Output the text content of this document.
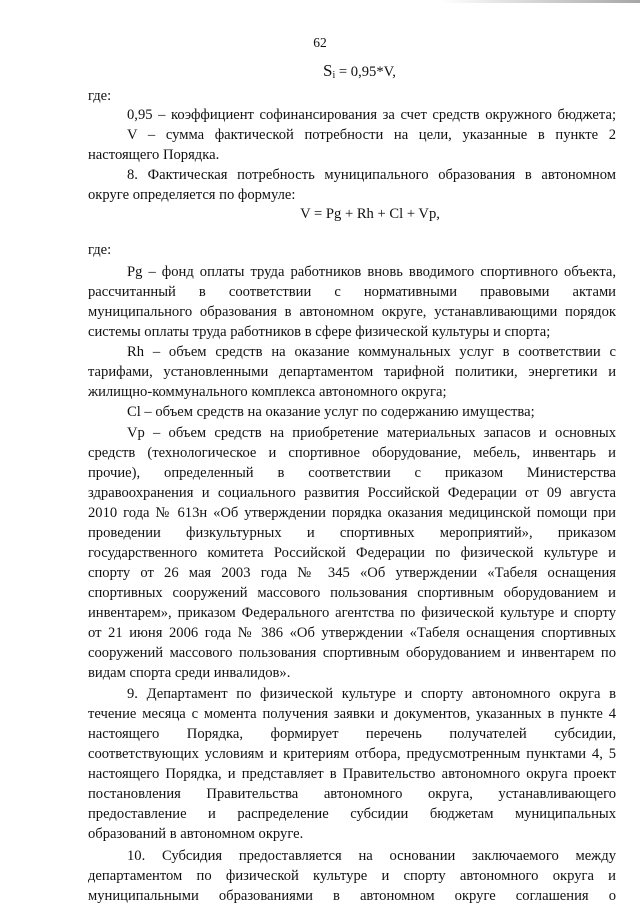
62
$S_i = 0,95*V$,
V = Pg + Rh + Cl + Vp,
где:
0,95 – коэффициент софинансирования за счет средств окружного бюджета;
V – сумма фактической потребности на цели, указанные в пункте 2
настоящего Порядка.
8. Фактическая потребность муниципального образования в автономном
округе определяется по формуле:
где:
Pg – фонд оплаты труда работников вновь вводимого спортивного объекта,
рассчитанный в соответствии с нормативными правовыми актами
муниципального образования в автономном округе, устанавливающими порядок
системы оплаты труда работников в сфере физической культуры и спорта;
Rh – объем средств на оказание коммунальных услуг в соответствии с
тарифами, установленными департаментом тарифной политики, энергетики и
жилищно-коммунального комплекса автономного округа;
Cl – объем средств на оказание услуг по содержанию имущества;
Vp – объем средств на приобретение материальных запасов и основных
средств (технологическое и спортивное оборудование, мебель, инвентарь и
прочие), определенный в соответствии с приказом Министерства
здравоохранения и социального развития Российской Федерации от 09 августа
2010 года № 613н «Об утверждении порядка оказания медицинской помощи при
проведении физкультурных и спортивных мероприятий», приказом
государственного комитета Российской Федерации по физической культуре и
спорту от 26 мая 2003 года № 345 «Об утверждении «Табеля оснащения
спортивных сооружений массового пользования спортивным оборудованием и
инвентарем», приказом Федерального агентства по физической культуре и спорту
от 21 июня 2006 года № 386 «Об утверждении «Табеля оснащения спортивных
сооружений массового пользования спортивным оборудованием и инвентарем по
видам спорта среди инвалидов».
9. Департамент по физической культуре и спорту автономного округа в
течение месяца с момента получения заявки и документов, указанных в пункте 4
настоящего Порядка, формирует перечень получателей субсидии,
соответствующих условиям и критериям отбора, предусмотренным пунктами 4, 5
настоящего Порядка, и представляет в Правительство автономного округа проект
постановления Правительства автономного округа, устанавливающего
предоставление и распределение субсидии бюджетам муниципальных
образований в автономном округе.
10. Субсидия предоставляется на основании заключаемого между
департаментом по физической культуре и спорту автономного округа и
муниципальными образованиями в автономном округе соглашения о
